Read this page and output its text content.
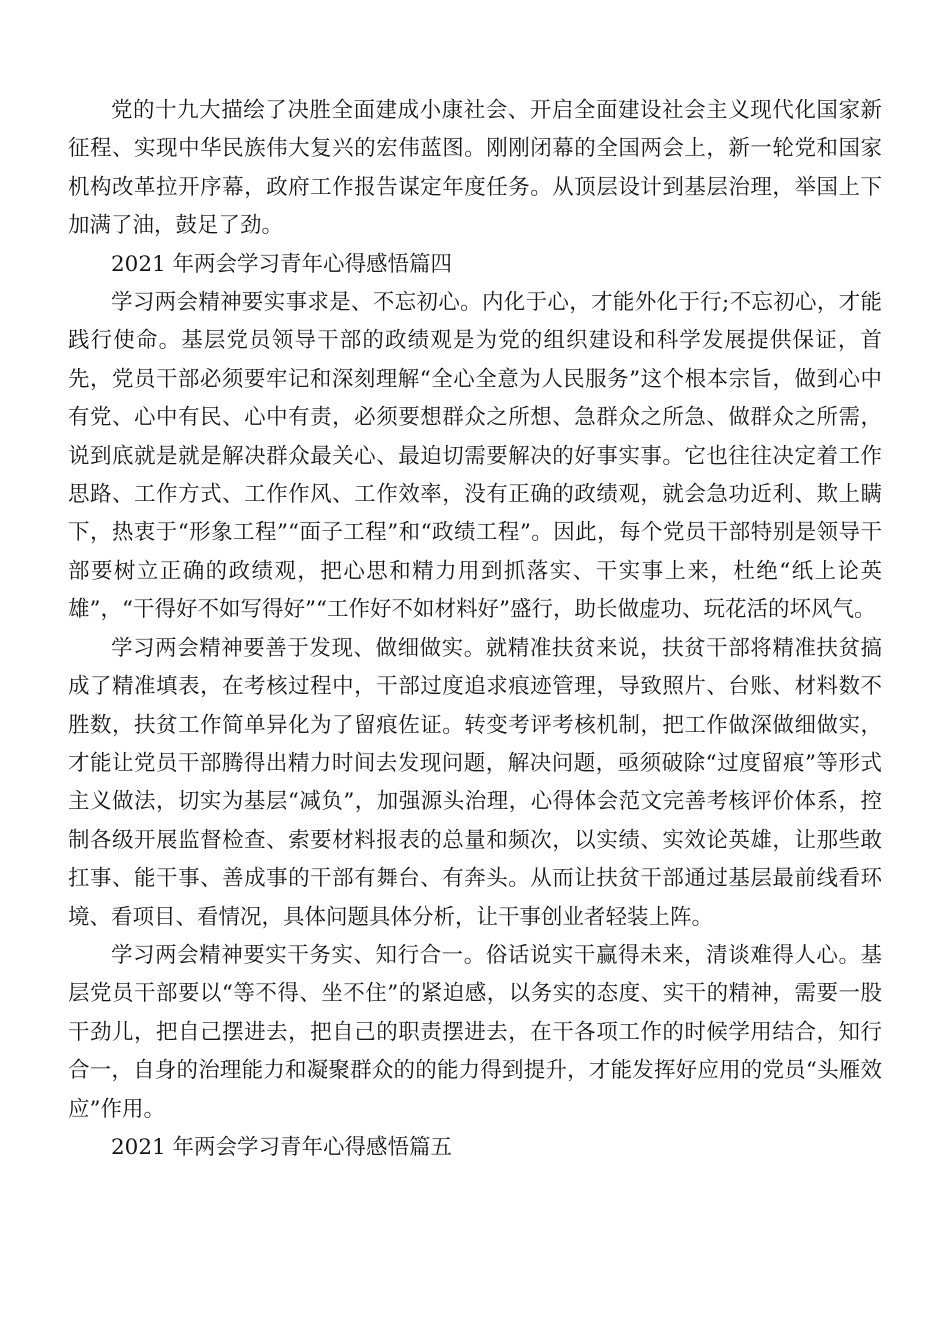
党的十九大描绘了决胜全面建成小康社会、开启全面建设社会主义现代化国家新征程、实现中华民族伟大复兴的宏伟蓝图。刚刚闭幕的全国两会上，新一轮党和国家机构改革拉开序幕，政府工作报告谋定年度任务。从顶层设计到基层治理，举国上下加满了油，鼓足了劲。

2021 年两会学习青年心得感悟篇四

学习两会精神要实事求是、不忘初心。内化于心，才能外化于行;不忘初心，才能践行使命。基层党员领导干部的政绩观是为党的组织建设和科学发展提供保证，首先，党员干部必须要牢记和深刻理解“全心全意为人民服务”这个根本宗旨，做到心中有党、心中有民、心中有责，必须要想群众之所想、急群众之所急、做群众之所需，说到底就是就是解决群众最关心、最迫切需要解决的好事实事。它也往往决定着工作思路、工作方式、工作作风、工作效率，没有正确的政绩观，就会急功近利、欺上瞒下，热衷于“形象工程”“面子工程”和“政绩工程”。因此，每个党员干部特别是领导干部要树立正确的政绩观，把心思和精力用到抓落实、干实事上来，杜绝“纸上论英雄”，“干得好不如写得好”“工作好不如材料好”盛行，助长做虚功、玩花活的坏风气。

学习两会精神要善于发现、做细做实。就精准扶贫来说，扶贫干部将精准扶贫搞成了精准填表，在考核过程中，干部过度追求痕迹管理，导致照片、台账、材料数不胜数，扶贫工作简单异化为了留痕佐证。转变考评考核机制，把工作做深做细做实，才能让党员干部腾得出精力时间去发现问题，解决问题，亟须破除“过度留痕”等形式主义做法，切实为基层“减负”，加强源头治理，心得体会范文完善考核评价体系，控制各级开展监督检查、索要材料报表的总量和频次，以实绩、实效论英雄，让那些敢扛事、能干事、善成事的干部有舞台、有奔头。从而让扶贫干部通过基层最前线看环境、看项目、看情况，具体问题具体分析，让干事创业者轻装上阵。

学习两会精神要实干务实、知行合一。俗话说实干赢得未来，清谈难得人心。基层党员干部要以“等不得、坐不住”的紧迫感，以务实的态度、实干的精神，需要一股干劲儿，把自己摆进去，把自己的职责摆进去，在干各项工作的时候学用结合，知行合一，自身的治理能力和凝聚群众的的能力得到提升，才能发挥好应用的党员“头雁效应”作用。

2021 年两会学习青年心得感悟篇五
